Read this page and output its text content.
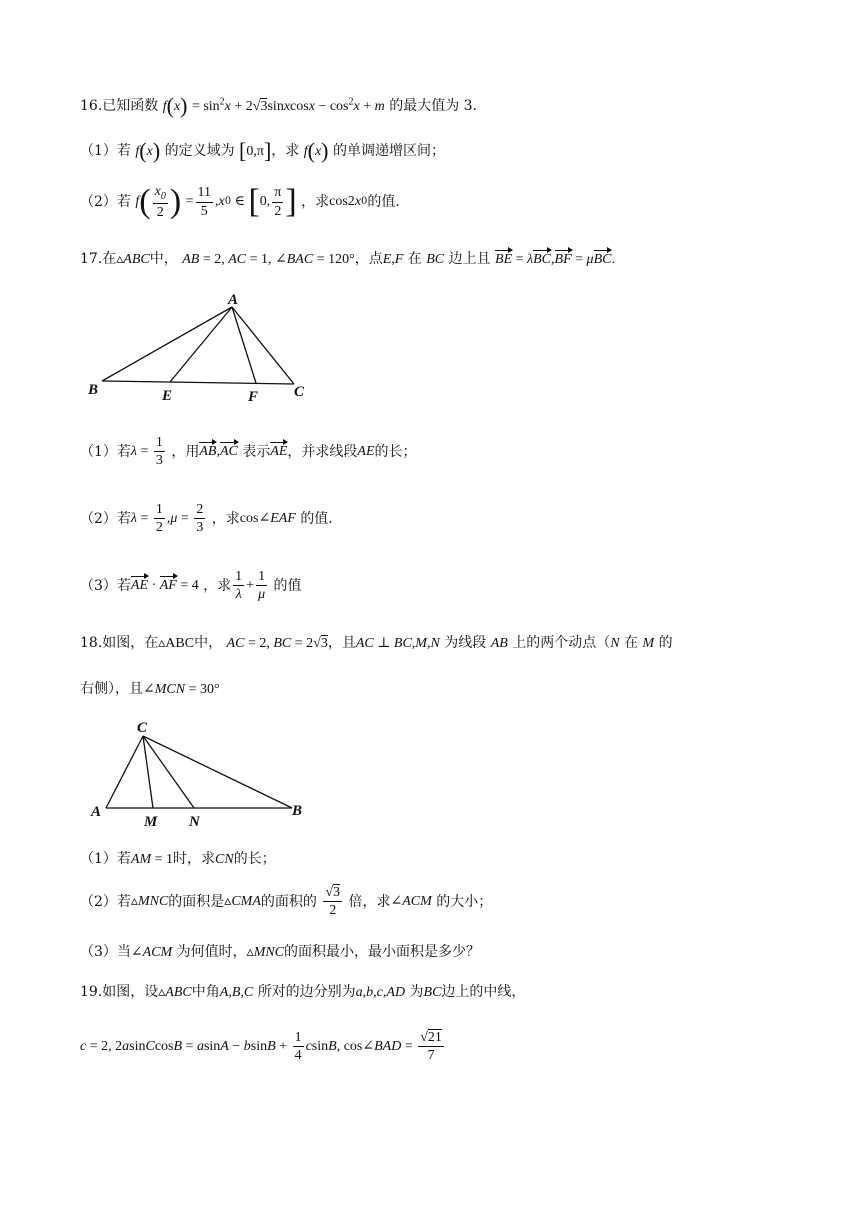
16.已知函数 $f(x) = \sin^2x$ + 2√3sinxcosx − $\cos^2x + m$ 的最大值为 3.
（1）若 f(x) 的定义域为 [0,π]，求 f(x) 的单调递增区间；
（2）若 $f( \frac{x_0}{2}$ ) = $\frac{11}{5} ,x0$ ∈ [0, $\frac{\pi}{2}$ ] ，求cos2x0的值.
17.在▵ABC中， AB = 2, AC = 1, ∠BAC = 120°，点E,F 在 BC 边上且 BE = λBC,BF = μBC.
A
B	C
E	F
（1）若$\lambda = \frac{1}{3}$ ，用AB,AC 表示AE，并求线段AE的长；
（2）若$\lambda = \frac{1}{2} ,\mu = \frac{2}{3}$ ，求cos∠EAF 的值.
（3）若AE · AF = 4 ，求 $\frac{1}{\lambda} + \frac{1}{\mu}$ 的值
18.如图，在▵ABC中， AC = 2, BC = 2√3，且AC ⊥ BC,M,N 为线段 AB 上的两个动点（N 在 M 的
右侧），且∠MCN = 30°
C
A
M N
B
（1）若AM = 1时，求CN的长；
（2）若▵MNC的面积是▵CMA的面积的 $\frac{√3}{2}$ 倍，求∠ACM 的大小；
（3）当∠ACM 为何值时，▵MNC的面积最小，最小面积是多少？
19.如图，设▵ABC中角A,B,C 所对的边分别为a,b,c,AD 为BC边上的中线，
c = 2, 2asinCcosB = $asinA - bsinB + \frac{1}{4} csinB$, cos∠BAD = $\frac{√21}{7}$
